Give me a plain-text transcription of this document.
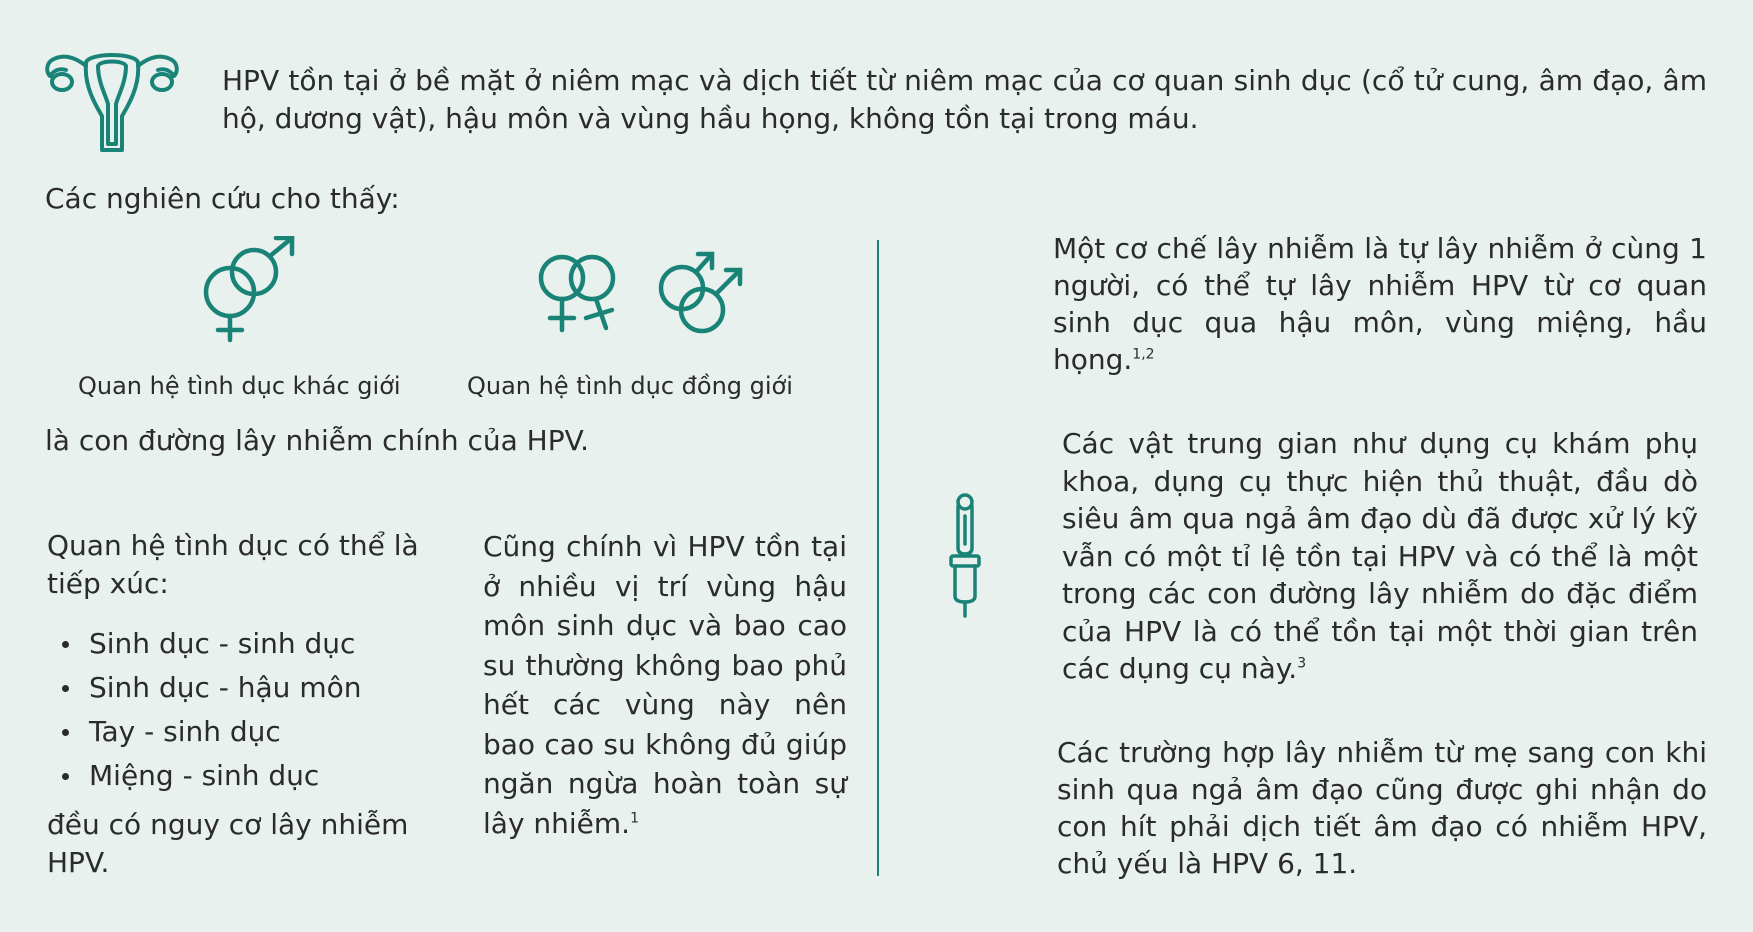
HPV tồn tại ở bề mặt ở niêm mạc và dịch tiết từ niêm mạc của cơ quan sinh dục (cổ tử cung, âm đạo, âm hộ, dương vật), hậu môn và vùng hầu họng, không tồn tại trong máu.

Các nghiên cứu cho thấy:
Quan hệ tình dục khác giới	Quan hệ tình dục đồng giới
là con đường lây nhiễm chính của HPV.
Quan hệ tình dục có thể là tiếp xúc:
Sinh dục - sinh dục
Sinh dục - hậu môn
Tay - sinh dục
Miệng - sinh dục
đều có nguy cơ lây nhiễm HPV.

Cũng chính vì HPV tồn tại ở nhiều vị trí vùng hậu môn sinh dục và bao cao su thường không bao phủ hết các vùng này nên bao cao su không đủ giúp ngăn ngừa hoàn toàn sự lây nhiễm.$^1$

Một cơ chế lây nhiễm là tự lây nhiễm ở cùng 1 người, có thể tự lây nhiễm HPV từ cơ quan sinh dục qua hậu môn, vùng miệng, hầu họng.$^{1,2}$

Các vật trung gian như dụng cụ khám phụ khoa, dụng cụ thực hiện thủ thuật, đầu dò siêu âm qua ngả âm đạo dù đã được xử lý kỹ vẫn có một tỉ lệ tồn tại HPV và có thể là một trong các con đường lây nhiễm do đặc điểm của HPV là có thể tồn tại một thời gian trên các dụng cụ này.$^3$

Các trường hợp lây nhiễm từ mẹ sang con khi sinh qua ngả âm đạo cũng được ghi nhận do con hít phải dịch tiết âm đạo có nhiễm HPV, chủ yếu là HPV 6, 11.
